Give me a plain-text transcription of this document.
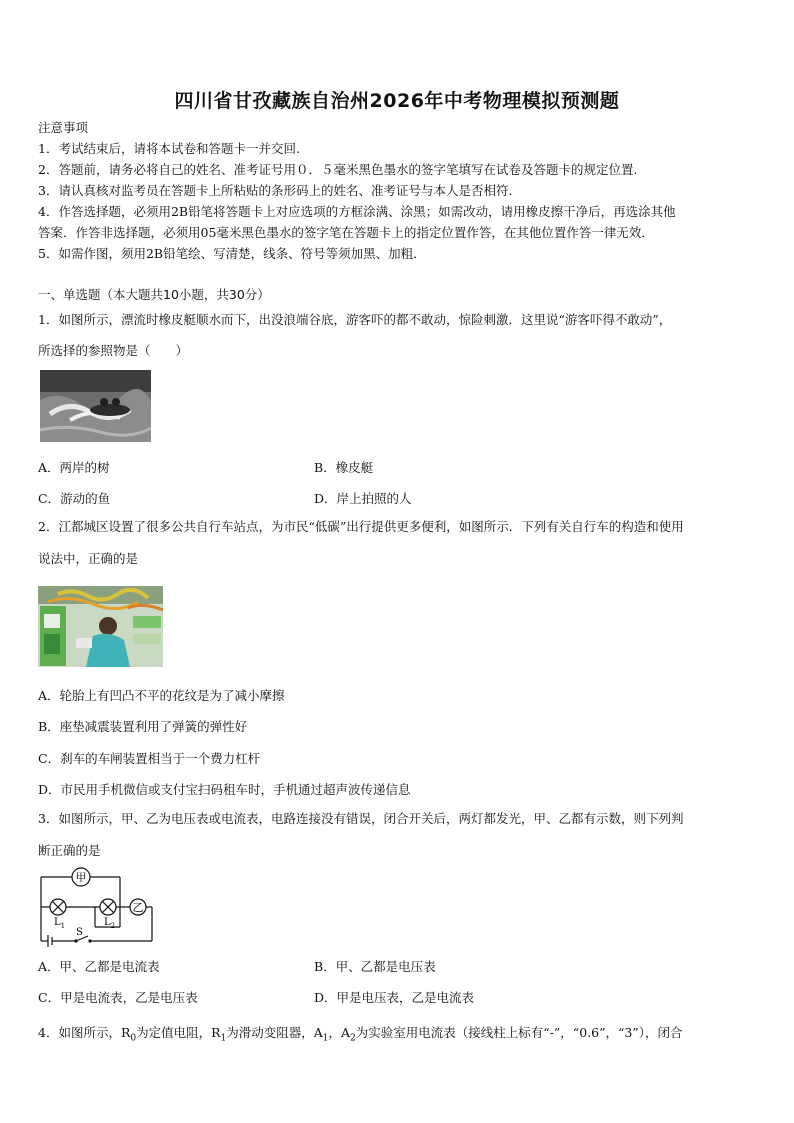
四川省甘孜藏族自治州2026年中考物理模拟预测题
注意事项
1．考试结束后，请将本试卷和答题卡一并交回.
2．答题前，请务必将自己的姓名、准考证号用０．５毫米黑色墨水的签字笔填写在试卷及答题卡的规定位置.
3．请认真核对监考员在答题卡上所粘贴的条形码上的姓名、准考证号与本人是否相符.
4．作答选择题，必须用2B铅笔将答题卡上对应选项的方框涂满、涂黑；如需改动，请用橡皮擦干净后，再选涂其他
答案．作答非选择题，必须用05毫米黑色墨水的签字笔在答题卡上的指定位置作答，在其他位置作答一律无效．
5．如需作图，须用2B铅笔绘、写清楚，线条、符号等须加黑、加粗．
一、单选题（本大题共10小题，共30分）
1．如图所示，漂流时橡皮艇顺水而下，出没浪端谷底，游客吓的都不敢动，惊险刺激．这里说“游客吓得不敢动”，
所选择的参照物是（　　）
A．两岸的树	B．橡皮艇
C．游动的鱼	D．岸上拍照的人
2．江都城区设置了很多公共自行车站点，为市民“低碳”出行提供更多便利，如图所示．下列有关自行车的构造和使用
说法中，正确的是
A．轮胎上有凹凸不平的花纹是为了减小摩擦
B．座垫减震装置利用了弹簧的弹性好
C．刹车的车闸装置相当于一个费力杠杆
D．市民用手机微信或支付宝扫码租车时，手机通过超声波传递信息
3．如图所示，甲、乙为电压表或电流表，电路连接没有错误，闭合开关后，两灯都发光，甲、乙都有示数，则下列判
断正确的是
甲
乙
$L_1$	$L_2$
S
A．甲、乙都是电流表	B．甲、乙都是电压表
C．甲是电流表，乙是电压表	D．甲是电压表，乙是电流表
4．如图所示，$R_0$为定值电阻，$R_1$为滑动变阻器，$A_1$，$A_2$为实验室用电流表（接线柱上标有“-”，“0.6”，“3”），闭合
